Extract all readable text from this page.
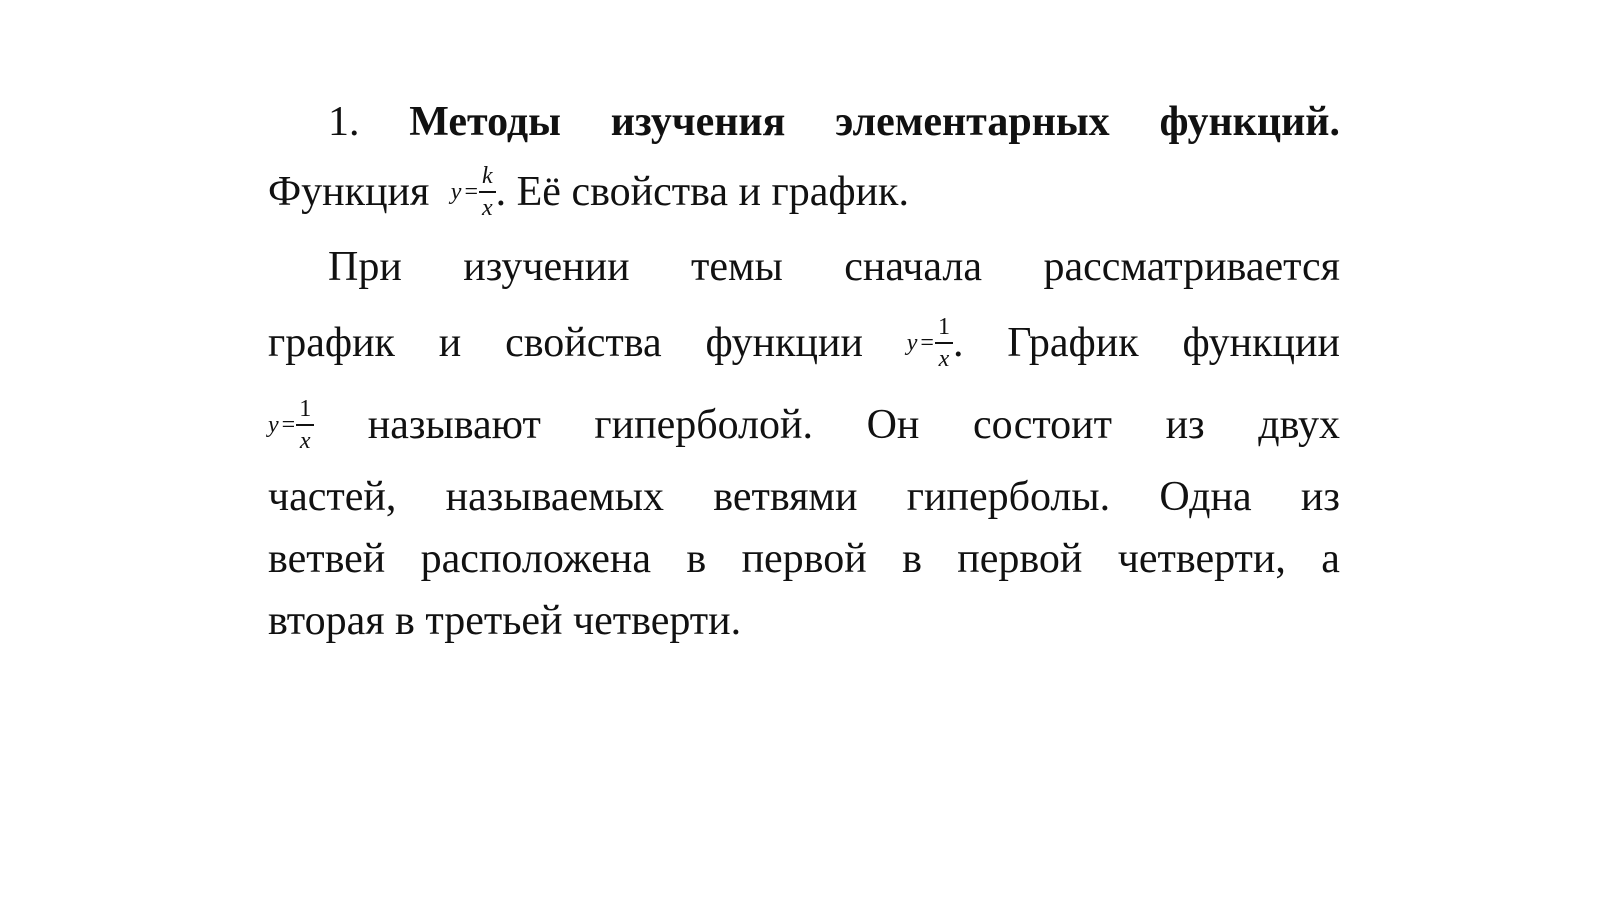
1. Методы изучения элементарных функций.
Функция $y = \frac{k}{x}$ . Её свойства и график.
При изучении темы сначала рассматривается
график и свойства функции $y = \frac{1}{x}$ . График функции
$y = \frac{1}{x}$ называют гиперболой. Он состоит из двух
частей, называемых ветвями гиперболы. Одна из
ветвей расположена в первой в первой четверти, а
вторая в третьей четверти.
